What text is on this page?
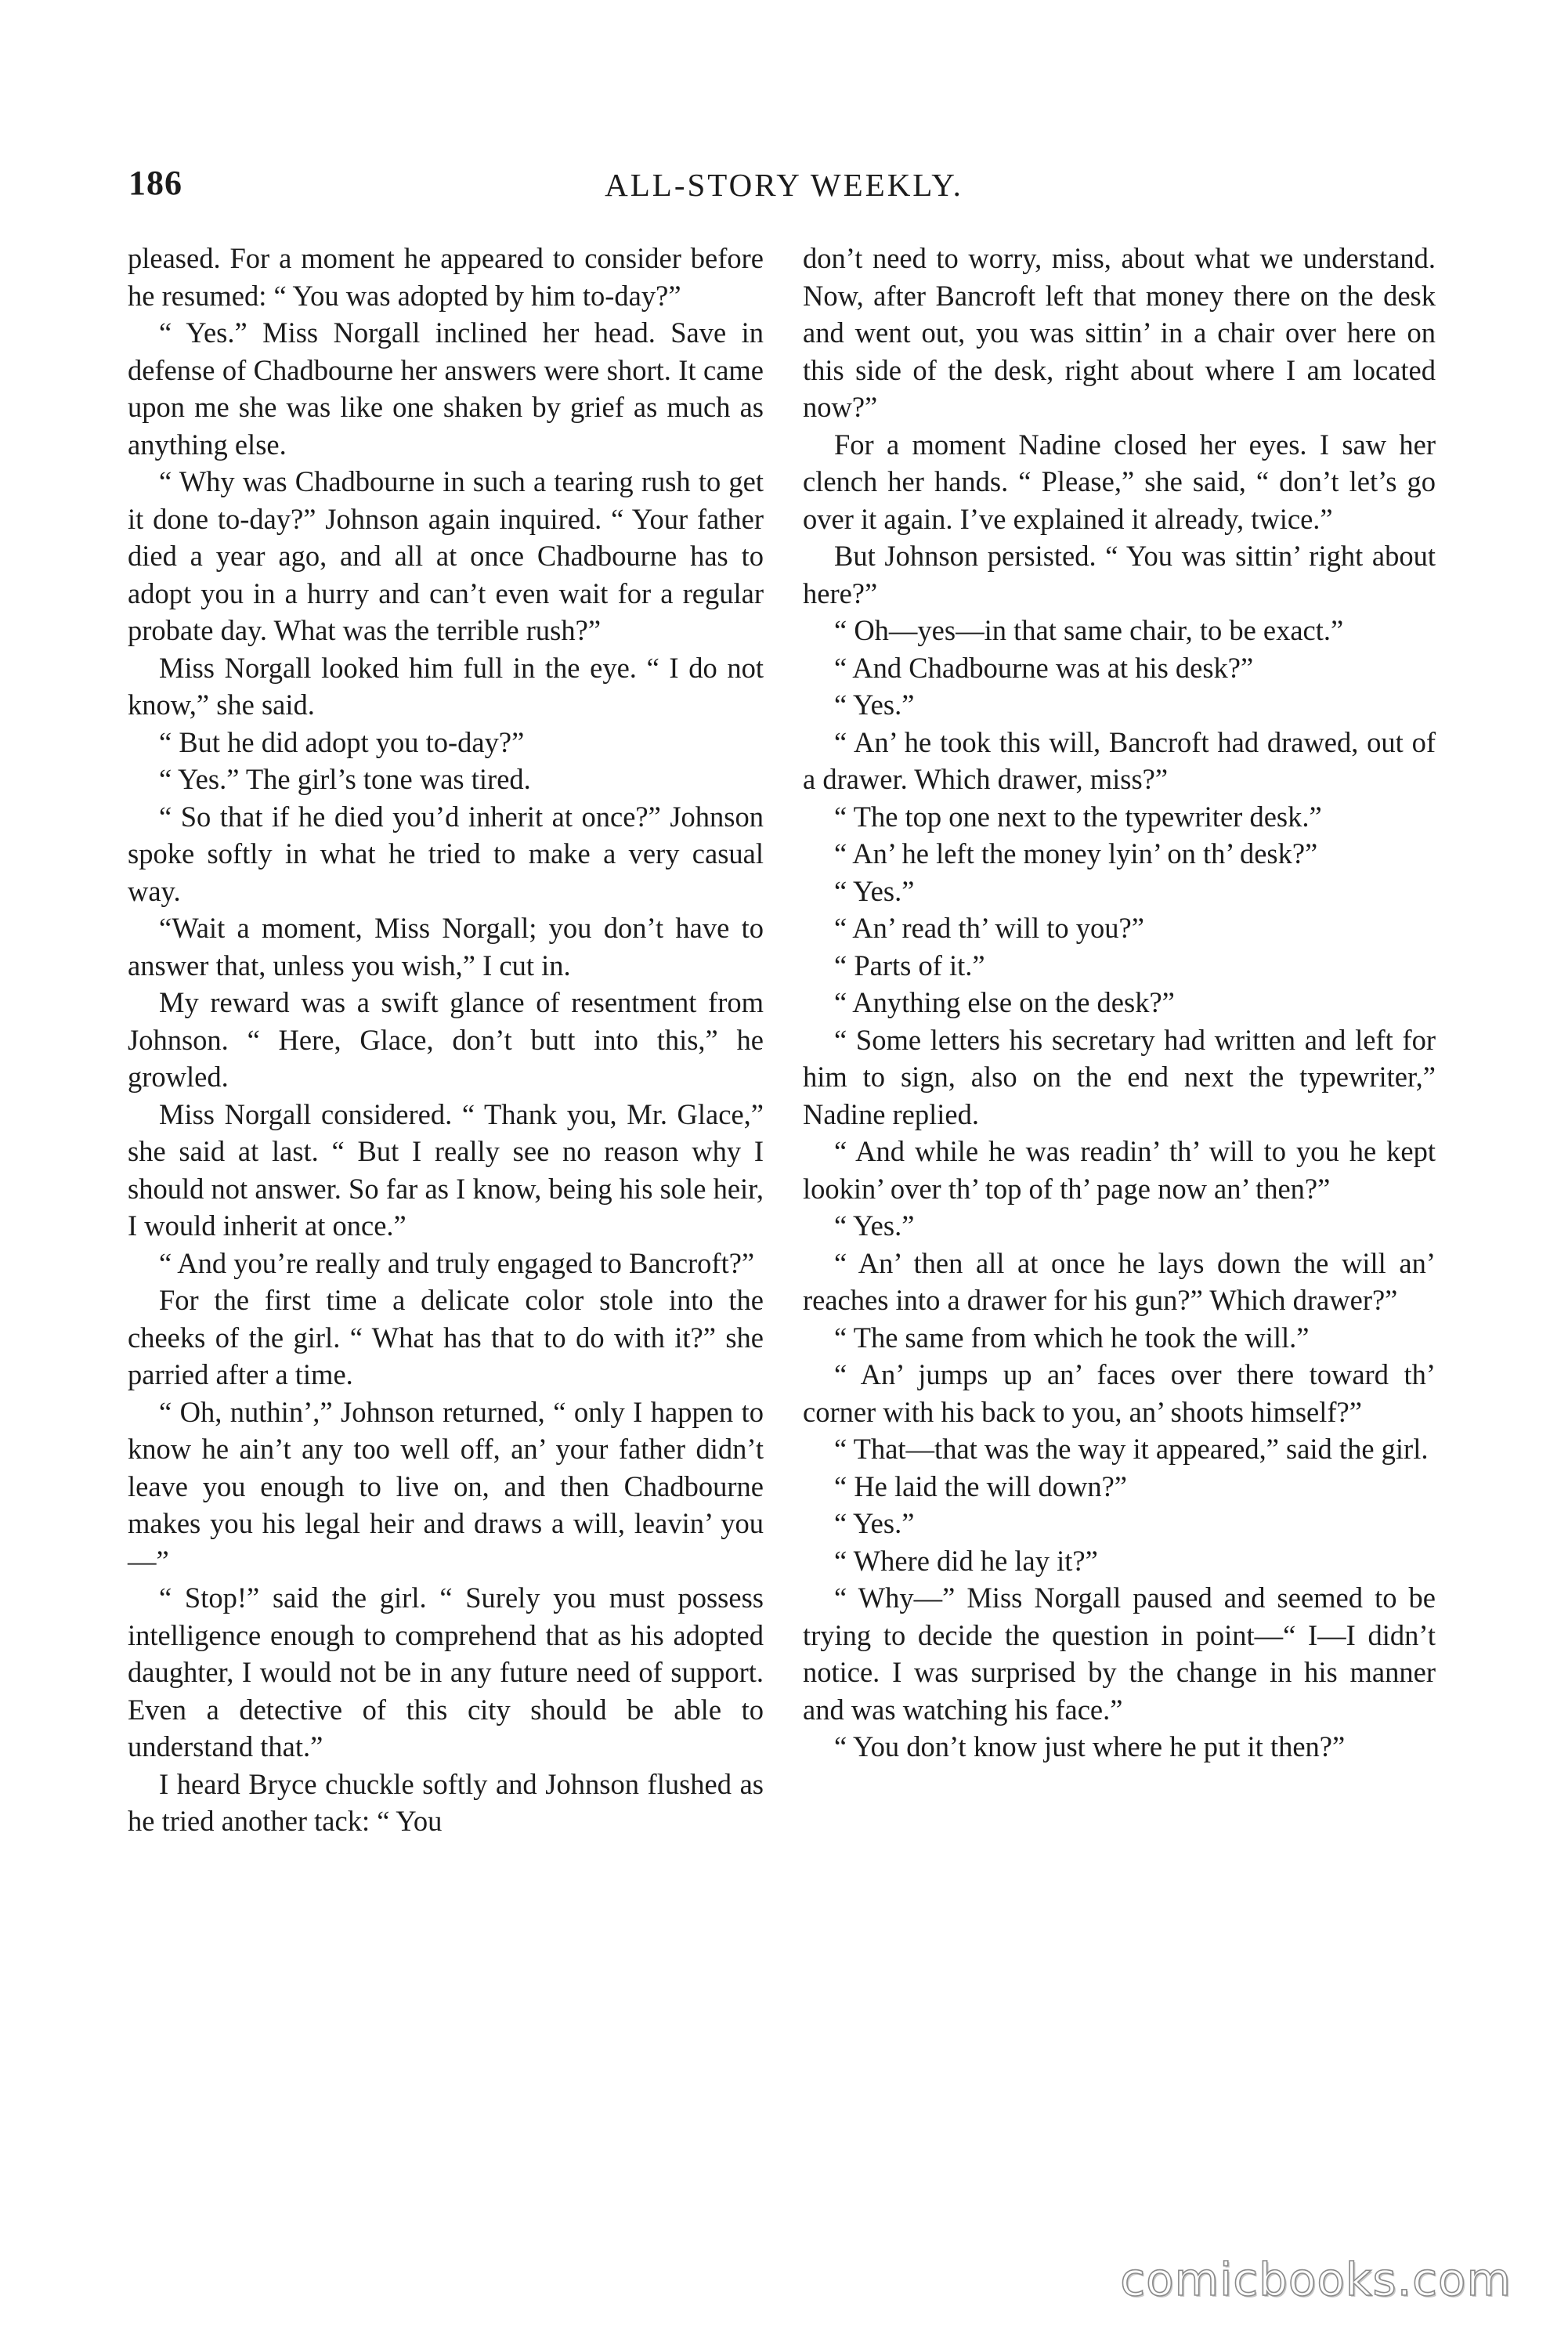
186	ALL-STORY WEEKLY.

pleased. For a moment he appeared to consider before he resumed: “ You was adopted by him to-day?”

“ Yes.” Miss Norgall inclined her head. Save in defense of Chadbourne her answers were short. It came upon me she was like one shaken by grief as much as anything else.

“ Why was Chadbourne in such a tearing rush to get it done to-day?” Johnson again inquired. “ Your father died a year ago, and all at once Chadbourne has to adopt you in a hurry and can’t even wait for a regular probate day. What was the terrible rush?”

Miss Norgall looked him full in the eye. “ I do not know,” she said.

“ But he did adopt you to-day?”

“ Yes.” The girl’s tone was tired.

“ So that if he died you’d inherit at once?” Johnson spoke softly in what he tried to make a very casual way.

“Wait a moment, Miss Norgall; you don’t have to answer that, unless you wish,” I cut in.

My reward was a swift glance of resentment from Johnson. “ Here, Glace, don’t butt into this,” he growled.

Miss Norgall considered. “ Thank you, Mr. Glace,” she said at last. “ But I really see no reason why I should not answer. So far as I know, being his sole heir, I would inherit at once.”

“ And you’re really and truly engaged to Bancroft?”

For the first time a delicate color stole into the cheeks of the girl. “ What has that to do with it?” she parried after a time.

“ Oh, nuthin’,” Johnson returned, “ only I happen to know he ain’t any too well off, an’ your father didn’t leave you enough to live on, and then Chadbourne makes you his legal heir and draws a will, leavin’ you—”

“ Stop!” said the girl. “ Surely you must possess intelligence enough to comprehend that as his adopted daughter, I would not be in any future need of support. Even a detective of this city should be able to understand that.”

I heard Bryce chuckle softly and Johnson flushed as he tried another tack: “ You

don’t need to worry, miss, about what we understand. Now, after Bancroft left that money there on the desk and went out, you was sittin’ in a chair over here on this side of the desk, right about where I am located now?”

For a moment Nadine closed her eyes. I saw her clench her hands. “ Please,” she said, “ don’t let’s go over it again. I’ve explained it already, twice.”

But Johnson persisted. “ You was sittin’ right about here?”

“ Oh—yes—in that same chair, to be exact.”

“ And Chadbourne was at his desk?”

“ Yes.”

“ An’ he took this will, Bancroft had drawed, out of a drawer. Which drawer, miss?”

“ The top one next to the typewriter desk.”

“ An’ he left the money lyin’ on th’ desk?”

“ Yes.”

“ An’ read th’ will to you?”

“ Parts of it.”

“ Anything else on the desk?”

“ Some letters his secretary had written and left for him to sign, also on the end next the typewriter,” Nadine replied.

“ And while he was readin’ th’ will to you he kept lookin’ over th’ top of th’ page now an’ then?”

“ Yes.”

“ An’ then all at once he lays down the will an’ reaches into a drawer for his gun?” Which drawer?”

“ The same from which he took the will.”

“ An’ jumps up an’ faces over there toward th’ corner with his back to you, an’ shoots himself?”

“ That—that was the way it appeared,” said the girl.

“ He laid the will down?”

“ Yes.”

“ Where did he lay it?”

“ Why—” Miss Norgall paused and seemed to be trying to decide the question in point—“ I—I didn’t notice. I was surprised by the change in his manner and was watching his face.”

“ You don’t know just where he put it then?”

comicbooks.com
